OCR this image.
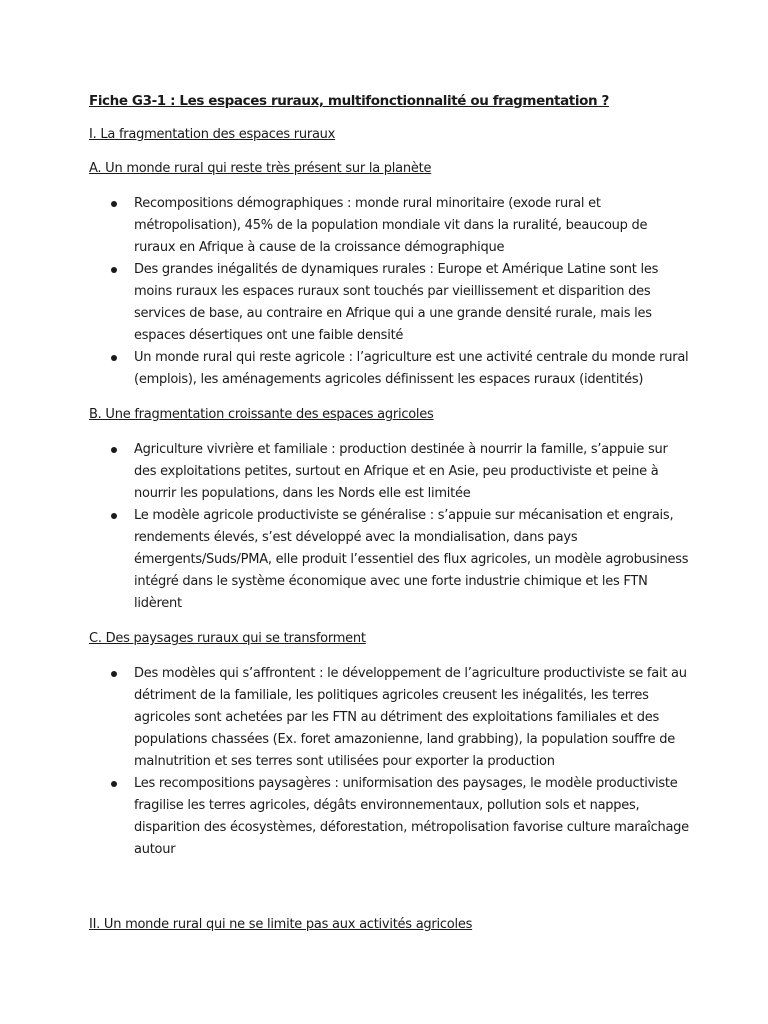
Fiche G3-1 : Les espaces ruraux, multifonctionnalité ou fragmentation ?
I. La fragmentation des espaces ruraux
A. Un monde rural qui reste très présent sur la planète
Recompositions démographiques : monde rural minoritaire (exode rural et métropolisation), 45% de la population mondiale vit dans la ruralité, beaucoup de ruraux en Afrique à cause de la croissance démographique
Des grandes inégalités de dynamiques rurales : Europe et Amérique Latine sont les moins ruraux les espaces ruraux sont touchés par vieillissement et disparition des services de base, au contraire en Afrique qui a une grande densité rurale, mais les espaces désertiques ont une faible densité
Un monde rural qui reste agricole : l’agriculture est une activité centrale du monde rural (emplois), les aménagements agricoles définissent les espaces ruraux (identités)
B. Une fragmentation croissante des espaces agricoles
Agriculture vivrière et familiale : production destinée à nourrir la famille, s’appuie sur des exploitations petites, surtout en Afrique et en Asie, peu productiviste et peine à nourrir les populations, dans les Nords elle est limitée
Le modèle agricole productiviste se généralise : s’appuie sur mécanisation et engrais, rendements élevés, s’est développé avec la mondialisation, dans pays émergents/Suds/PMA, elle produit l’essentiel des flux agricoles, un modèle agrobusiness intégré dans le système économique avec une forte industrie chimique et les FTN lidèrent
C. Des paysages ruraux qui se transforment
Des modèles qui s’affrontent : le développement de l’agriculture productiviste se fait au détriment de la familiale, les politiques agricoles creusent les inégalités, les terres agricoles sont achetées par les FTN au détriment des exploitations familiales et des populations chassées (Ex. foret amazonienne, land grabbing), la population souffre de malnutrition et ses terres sont utilisées pour exporter la production
Les recompositions paysagères : uniformisation des paysages, le modèle productiviste fragilise les terres agricoles, dégâts environnementaux, pollution sols et nappes, disparition des écosystèmes, déforestation, métropolisation favorise culture maraîchage autour
II. Un monde rural qui ne se limite pas aux activités agricoles
